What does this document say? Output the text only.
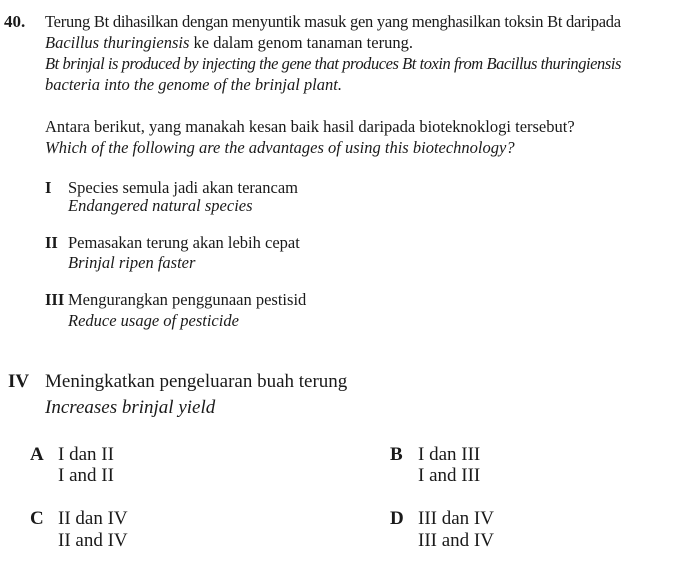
40. Terung Bt dihasilkan dengan menyuntik masuk gen yang menghasilkan toksin Bt daripada
Bacillus thuringiensis ke dalam genom tanaman terung.
Bt brinjal is produced by injecting the gene that produces Bt toxin from Bacillus thuringiensis
bacteria into the genome of the brinjal plant.
Antara berikut, yang manakah kesan baik hasil daripada bioteknoklogi tersebut?
Which of the following are the advantages of using this biotechnology?
I Species semula jadi akan terancam
Endangered natural species
II Pemasakan terung akan lebih cepat
Brinjal ripen faster
III Mengurangkan penggunaan pestisid
Reduce usage of pesticide
IV Meningkatkan pengeluaran buah terung
Increases brinjal yield
A I dan II
I and II
B I dan III
I and III
C II dan IV
II and IV
D III dan IV
III and IV
